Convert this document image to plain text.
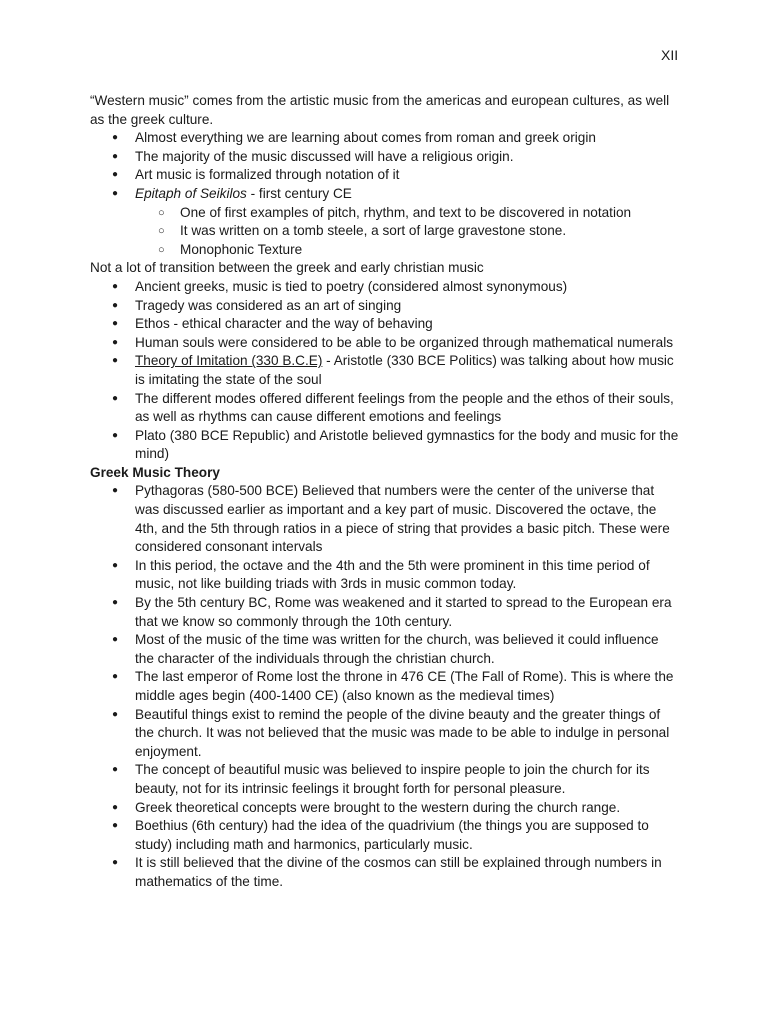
XII

“Western music” comes from the artistic music from the americas and european cultures, as well as the greek culture.

● Almost everything we are learning about comes from roman and greek origin
● The majority of the music discussed will have a religious origin.
● Art music is formalized through notation of it
● Epitaph of Seikilos - first century CE
○ One of first examples of pitch, rhythm, and text to be discovered in notation
○ It was written on a tomb steele, a sort of large gravestone stone.
○ Monophonic Texture

Not a lot of transition between the greek and early christian music

● Ancient greeks, music is tied to poetry (considered almost synonymous)
● Tragedy was considered as an art of singing
● Ethos - ethical character and the way of behaving
● Human souls were considered to be able to be organized through mathematical numerals
● Theory of Imitation (330 B.C.E) - Aristotle (330 BCE Politics) was talking about how music is imitating the state of the soul
● The different modes offered different feelings from the people and the ethos of their souls, as well as rhythms can cause different emotions and feelings
● Plato (380 BCE Republic) and Aristotle believed gymnastics for the body and music for the mind)

Greek Music Theory

● Pythagoras (580-500 BCE) Believed that numbers were the center of the universe that was discussed earlier as important and a key part of music. Discovered the octave, the 4th, and the 5th through ratios in a piece of string that provides a basic pitch. These were considered consonant intervals
● In this period, the octave and the 4th and the 5th were prominent in this time period of music, not like building triads with 3rds in music common today.
● By the 5th century BC, Rome was weakened and it started to spread to the European era that we know so commonly through the 10th century.
● Most of the music of the time was written for the church, was believed it could influence the character of the individuals through the christian church.
● The last emperor of Rome lost the throne in 476 CE (The Fall of Rome). This is where the middle ages begin (400-1400 CE) (also known as the medieval times)
● Beautiful things exist to remind the people of the divine beauty and the greater things of the church. It was not believed that the music was made to be able to indulge in personal enjoyment.
● The concept of beautiful music was believed to inspire people to join the church for its beauty, not for its intrinsic feelings it brought forth for personal pleasure.
● Greek theoretical concepts were brought to the western during the church range.
● Boethius (6th century) had the idea of the quadrivium (the things you are supposed to study) including math and harmonics, particularly music.
● It is still believed that the divine of the cosmos can still be explained through numbers in mathematics of the time.
